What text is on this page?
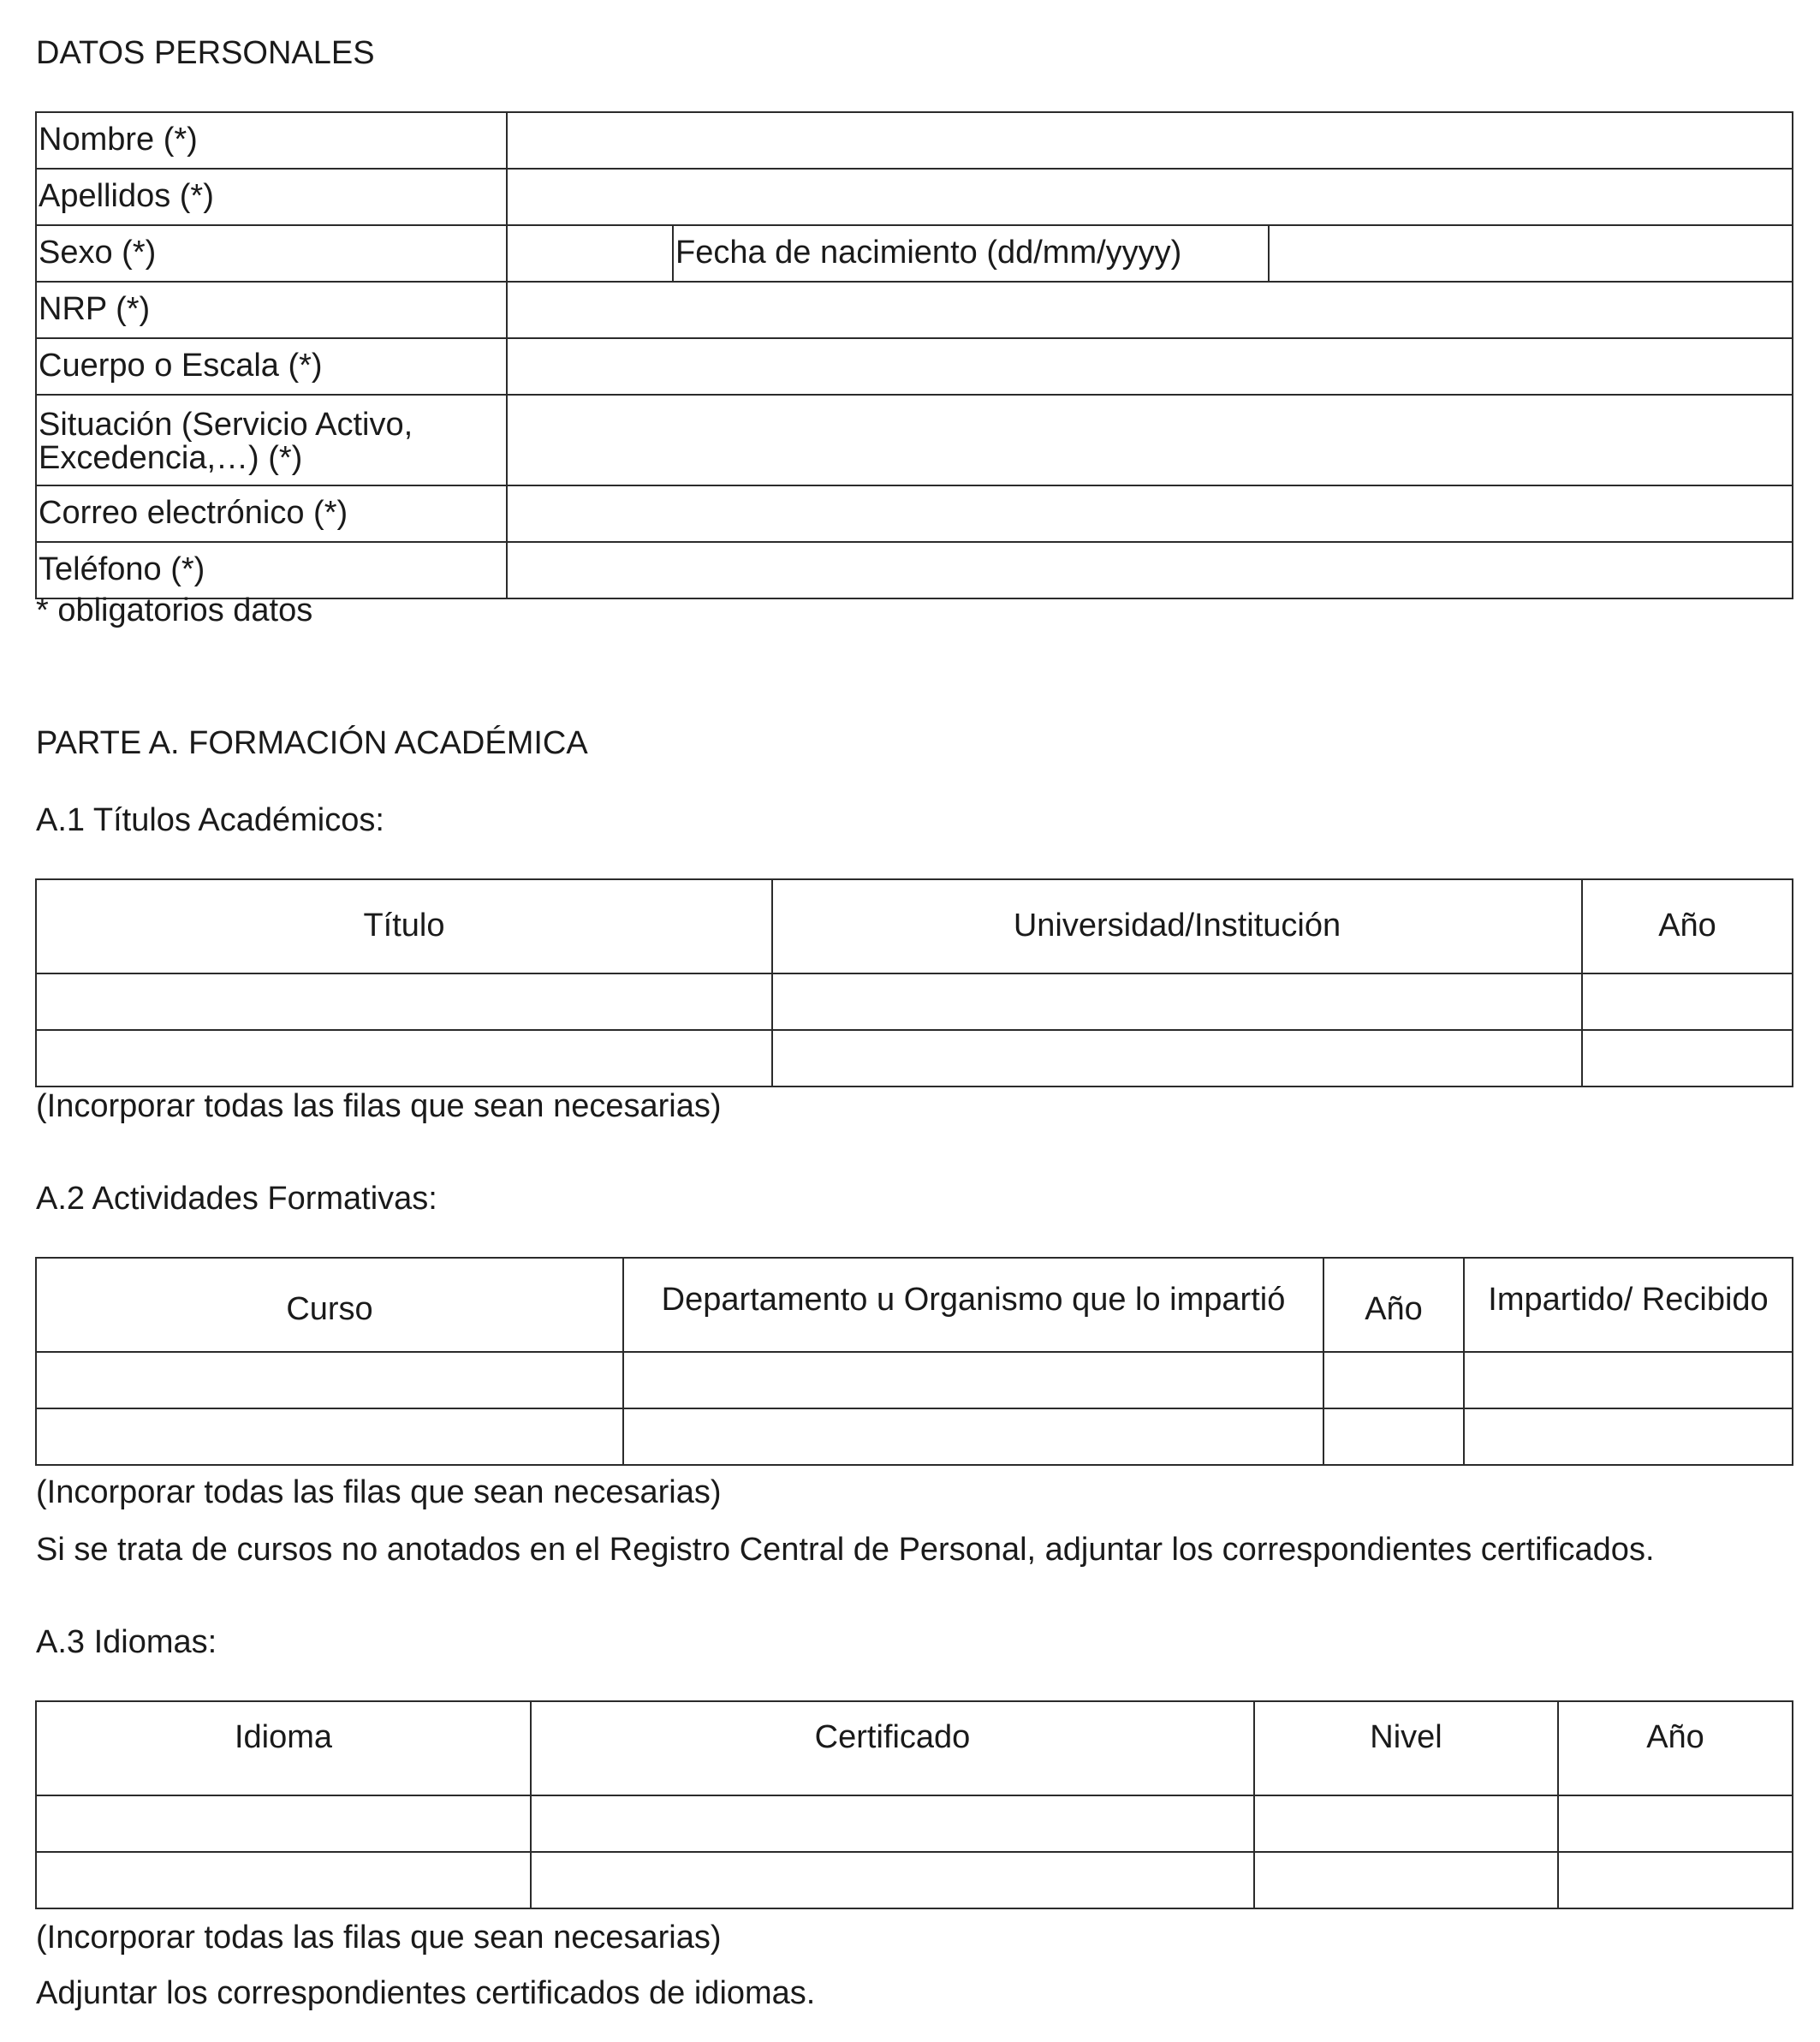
DATOS PERSONALES
Nombre (*)			
Apellidos (*)			
Sexo (*)		Fecha de nacimiento (dd/mm/yyyy)	
NRP (*)			
Cuerpo o Escala (*)			
Situación (Servicio Activo, Excedencia,…) (*)			
Correo electrónico (*)			
Teléfono (*)			
* obligatorios datos
PARTE A. FORMACIÓN ACADÉMICA
A.1 Títulos Académicos:
Título	Universidad/Institución	Año

(Incorporar todas las filas que sean necesarias)
A.2 Actividades Formativas:
Curso	Departamento u Organismo que lo impartió	Año	Impartido/ Recibido

(Incorporar todas las filas que sean necesarias)
Si se trata de cursos no anotados en el Registro Central de Personal, adjuntar los correspondientes certificados.
A.3 Idiomas:
Idioma	Certificado	Nivel	Año

(Incorporar todas las filas que sean necesarias)
Adjuntar los correspondientes certificados de idiomas.
